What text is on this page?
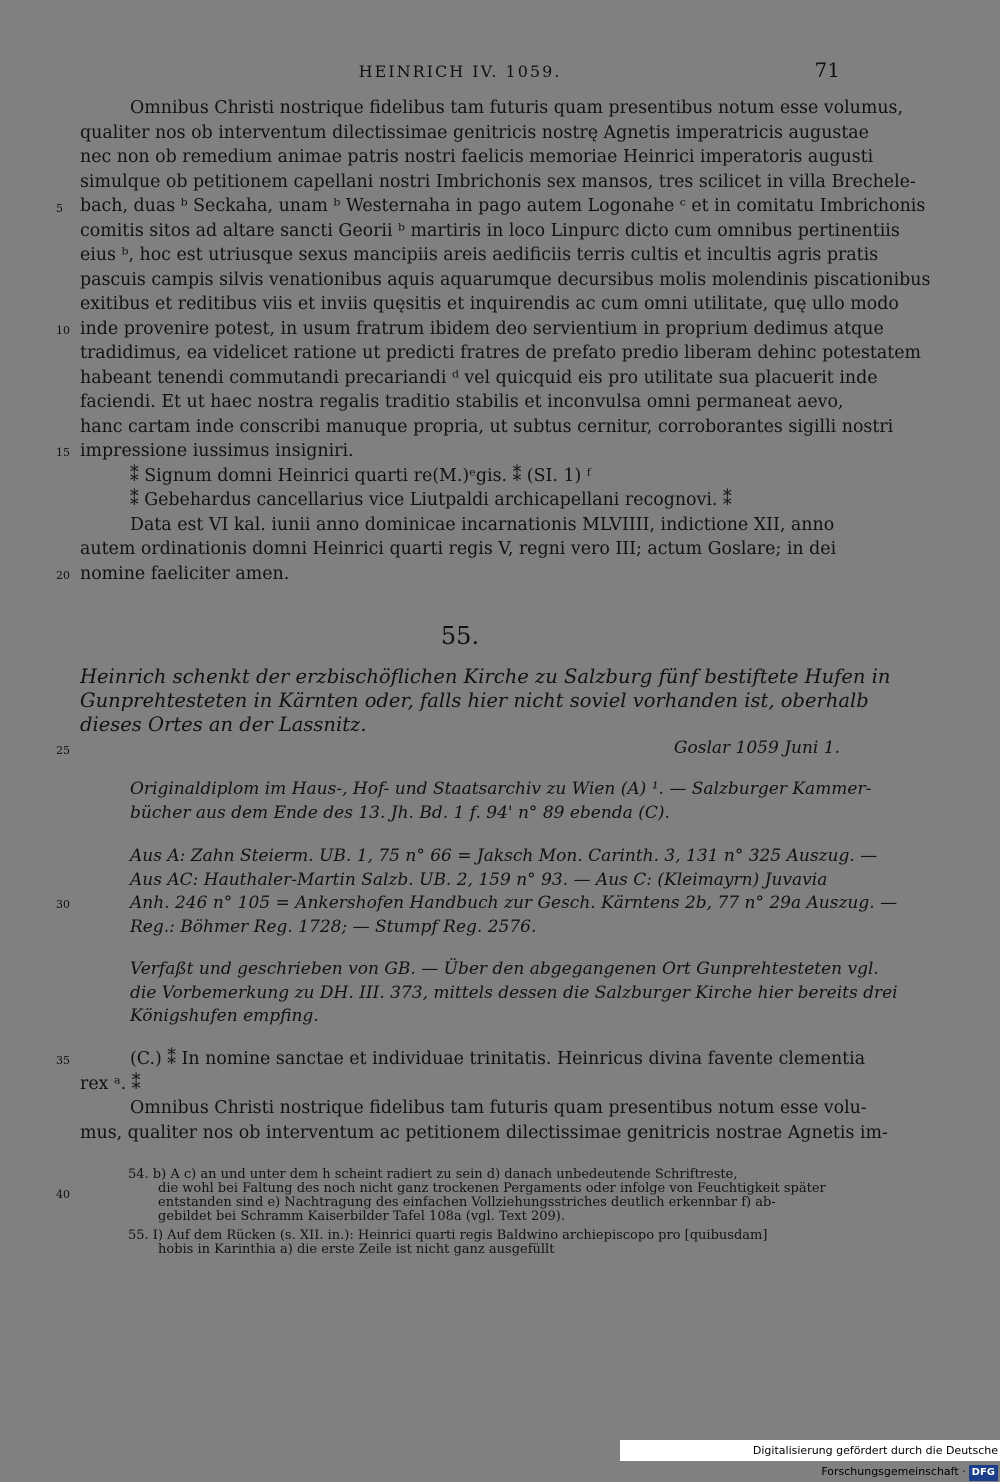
HEINRICH IV. 1059.	71
Omnibus Christi nostrique fidelibus tam futuris quam presentibus notum esse volumus,
qualiter nos ob interventum dilectissimae genitricis nostrę Agnetis imperatricis augustae
nec non ob remedium animae patris nostri faelicis memoriae Heinrici imperatoris augusti
simulque ob petitionem capellani nostri Imbrichonis sex mansos, tres scilicet in villa Brechele-
bach, duas ᵇ Seckaha, unam ᵇ Westernaha in pago autem Logonahe ᶜ et in comitatu Imbrichonis
comitis sitos ad altare sancti Georii ᵇ martiris in loco Linpurc dicto cum omnibus pertinentiis
eius ᵇ, hoc est utriusque sexus mancipiis areis aedificiis terris cultis et incultis agris pratis
pascuis campis silvis venationibus aquis aquarumque decursibus molis molendinis piscationibus
exitibus et reditibus viis et inviis quęsitis et inquirendis ac cum omni utilitate, quę ullo modo
inde provenire potest, in usum fratrum ibidem deo servientium in proprium dedimus atque
tradidimus, ea videlicet ratione ut predicti fratres de prefato predio liberam dehinc potestatem
habeant tenendi commutandi precariandi ᵈ vel quicquid eis pro utilitate sua placuerit inde
faciendi. Et ut haec nostra regalis traditio stabilis et inconvulsa omni permaneat aevo,
hanc cartam inde conscribi manuque propria, ut subtus cernitur, corroborantes sigilli nostri
impressione iussimus insigniri.
⁑ Signum domni Heinrici quarti re(M.)ᵉgis. ⁑ (SI. 1) ᶠ
⁑ Gebehardus cancellarius vice Liutpaldi archicapellani recognovi. ⁑
Data est VI kal. iunii anno dominicae incarnationis MLVIIII, indictione XII, anno
autem ordinationis domni Heinrici quarti regis V, regni vero III; actum Goslare; in dei
nomine faeliciter amen.
5
10
15
20
25
30
35
40
55.
Heinrich schenkt der erzbischöflichen Kirche zu Salzburg fünf bestiftete Hufen in
Gunprehtesteten in Kärnten oder, falls hier nicht soviel vorhanden ist, oberhalb
dieses Ortes an der Lassnitz.
Goslar 1059 Juni 1.
Originaldiplom im Haus-, Hof- und Staatsarchiv zu Wien (A) ¹. — Salzburger Kammer-
bücher aus dem Ende des 13. Jh. Bd. 1 f. 94' n° 89 ebenda (C).
Aus A: Zahn Steierm. UB. 1, 75 n° 66 = Jaksch Mon. Carinth. 3, 131 n° 325 Auszug. —
Aus AC: Hauthaler-Martin Salzb. UB. 2, 159 n° 93. — Aus C: (Kleimayrn) Juvavia
Anh. 246 n° 105 = Ankershofen Handbuch zur Gesch. Kärntens 2b, 77 n° 29a Auszug. —
Reg.: Böhmer Reg. 1728; — Stumpf Reg. 2576.
Verfaßt und geschrieben von GB. — Über den abgegangenen Ort Gunprehtesteten vgl.
die Vorbemerkung zu DH. III. 373, mittels dessen die Salzburger Kirche hier bereits drei
Königshufen empfing.
(C.) ⁑ In nomine sanctae et individuae trinitatis. Heinricus divina favente clementia
rex ᵃ. ⁑
Omnibus Christi nostrique fidelibus tam futuris quam presentibus notum esse volu-
mus, qualiter nos ob interventum ac petitionem dilectissimae genitricis nostrae Agnetis im-
54. b) A c) an und unter dem h scheint radiert zu sein d) danach unbedeutende Schriftreste,
die wohl bei Faltung des noch nicht ganz trockenen Pergaments oder infolge von Feuchtigkeit später
entstanden sind e) Nachtragung des einfachen Vollziehungsstriches deutlich erkennbar f) ab-
gebildet bei Schramm Kaiserbilder Tafel 108a (vgl. Text 209).
55. I) Auf dem Rücken (s. XII. in.): Heinrici quarti regis Baldwino archiepiscopo pro [quibusdam]
hobis in Karinthia a) die erste Zeile ist nicht ganz ausgefüllt
Digitalisierung gefördert durch die Deutsche Forschungsgemeinschaft · DFG
